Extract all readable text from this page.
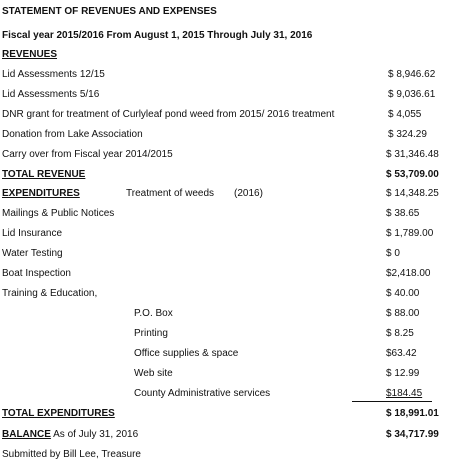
STATEMENT OF REVENUES AND EXPENSES
Fiscal year 2015/2016 From August 1, 2015 Through July 31, 2016
REVENUES
Lid Assessments 12/15	$ 8,946.62
Lid Assessments 5/16	$ 9,036.61
DNR grant for treatment of Curlyleaf pond weed from 2015/ 2016 treatment	$ 4,055
Donation from Lake Association	$ 324.29
Carry over from Fiscal year 2014/2015	$ 31,346.48
TOTAL REVENUE	$ 53,709.00
EXPENDITURES	Treatment of weeds (2016)	$ 14,348.25
Mailings & Public Notices	$ 38.65
Lid Insurance	$ 1,789.00
Water Testing	$ 0
Boat Inspection	$2,418.00
Training & Education,	$ 40.00
P.O. Box	$ 88.00
Printing	$ 8.25
Office supplies & space	$63.42
Web site	$ 12.99
County Administrative services	$184.45
TOTAL EXPENDITURES	$ 18,991.01
BALANCE As of July 31, 2016	$ 34,717.99
Submitted by Bill Lee, Treasure
